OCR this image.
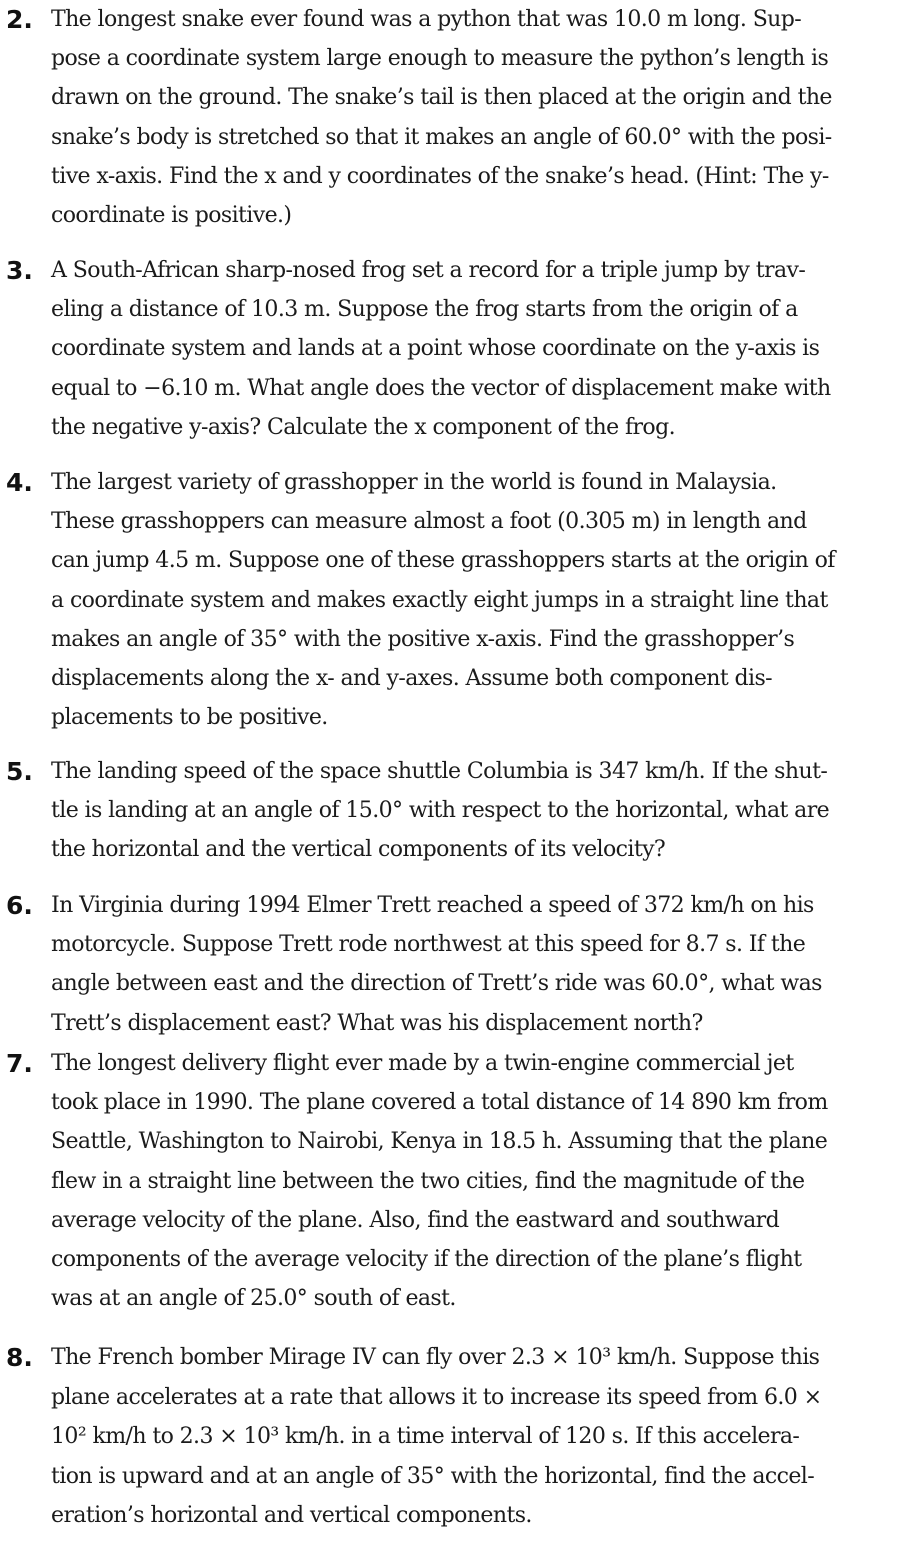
2. The longest snake ever found was a python that was 10.0 m long. Sup-
pose a coordinate system large enough to measure the python’s length is
drawn on the ground. The snake’s tail is then placed at the origin and the
snake’s body is stretched so that it makes an angle of 60.0° with the posi-
tive x-axis. Find the x and y coordinates of the snake’s head. (Hint: The y-
coordinate is positive.)
3. A South-African sharp-nosed frog set a record for a triple jump by trav-
eling a distance of 10.3 m. Suppose the frog starts from the origin of a
coordinate system and lands at a point whose coordinate on the y-axis is
equal to −6.10 m. What angle does the vector of displacement make with
the negative y-axis? Calculate the x component of the frog.
4. The largest variety of grasshopper in the world is found in Malaysia.
These grasshoppers can measure almost a foot (0.305 m) in length and
can jump 4.5 m. Suppose one of these grasshoppers starts at the origin of
a coordinate system and makes exactly eight jumps in a straight line that
makes an angle of 35° with the positive x-axis. Find the grasshopper’s
displacements along the x- and y-axes. Assume both component dis-
placements to be positive.
5. The landing speed of the space shuttle Columbia is 347 km/h. If the shut-
tle is landing at an angle of 15.0° with respect to the horizontal, what are
the horizontal and the vertical components of its velocity?
6. In Virginia during 1994 Elmer Trett reached a speed of 372 km/h on his
motorcycle. Suppose Trett rode northwest at this speed for 8.7 s. If the
angle between east and the direction of Trett’s ride was 60.0°, what was
Trett’s displacement east? What was his displacement north?
7. The longest delivery flight ever made by a twin-engine commercial jet
took place in 1990. The plane covered a total distance of 14 890 km from
Seattle, Washington to Nairobi, Kenya in 18.5 h. Assuming that the plane
flew in a straight line between the two cities, find the magnitude of the
average velocity of the plane. Also, find the eastward and southward
components of the average velocity if the direction of the plane’s flight
was at an angle of 25.0° south of east.
8. The French bomber Mirage IV can fly over 2.3 × 10³ km/h. Suppose this
plane accelerates at a rate that allows it to increase its speed from 6.0 ×
10² km/h to 2.3 × 10³ km/h. in a time interval of 120 s. If this accelera-
tion is upward and at an angle of 35° with the horizontal, find the accel-
eration’s horizontal and vertical components.
